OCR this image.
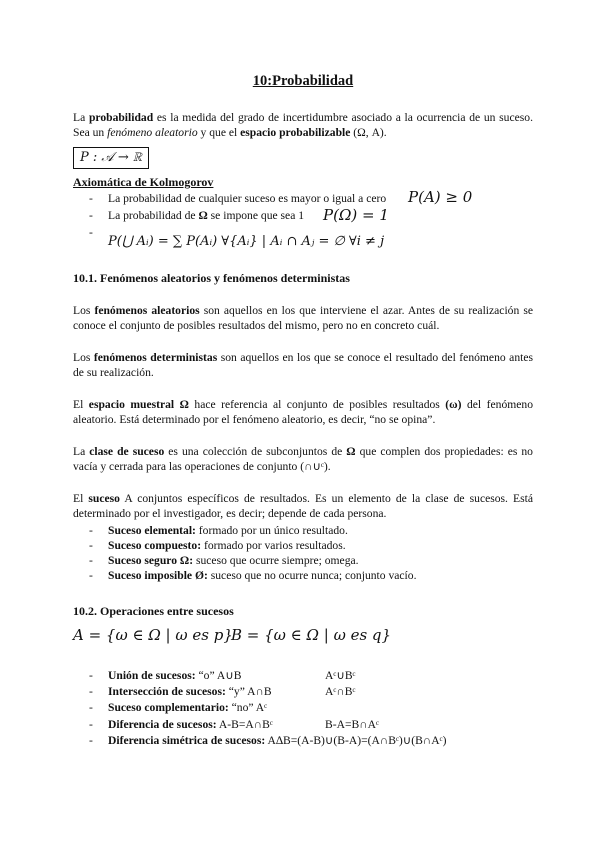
10:Probabilidad
La probabilidad es la medida del grado de incertidumbre asociado a la ocurrencia de un suceso. Sea un fenómeno aleatorio y que el espacio probabilizable (Ω, A).
P : 𝒜 → ℝ
Axiomática de Kolmogorov
- La probabilidad de cualquier suceso es mayor o igual a cero P(A) ≥ 0
- La probabilidad de Ω se impone que sea 1 P(Ω) = 1
- P(⋃ Aᵢ) = ∑ P(Aᵢ) ∀{Aᵢ} | Aᵢ ∩ Aⱼ = ∅ ∀i ≠ j
10.1. Fenómenos aleatorios y fenómenos deterministas
Los fenómenos aleatorios son aquellos en los que interviene el azar. Antes de su realización se conoce el conjunto de posibles resultados del mismo, pero no en concreto cuál.
Los fenómenos deterministas son aquellos en los que se conoce el resultado del fenómeno antes de su realización.
El espacio muestral Ω hace referencia al conjunto de posibles resultados (ω) del fenómeno aleatorio. Está determinado por el fenómeno aleatorio, es decir, “no se opina”.
La clase de suceso es una colección de subconjuntos de Ω que complen dos propiedades: es no vacía y cerrada para las operaciones de conjunto (∩∪ᶜ).
El suceso A conjuntos específicos de resultados. Es un elemento de la clase de sucesos. Está determinado por el investigador, es decir; depende de cada persona.
- Suceso elemental: formado por un único resultado.
- Suceso compuesto: formado por varios resultados.
- Suceso seguro Ω: suceso que ocurre siempre; omega.
- Suceso imposible Ø: suceso que no ocurre nunca; conjunto vacío.
10.2. Operaciones entre sucesos
A = {ω ∈ Ω | ω es p}
B = {ω ∈ Ω | ω es q}
- Unión de sucesos: “o” A∪B	Aᶜ∪Bᶜ
- Intersección de sucesos: “y” A∩B	Aᶜ∩Bᶜ
- Suceso complementario: “no” Aᶜ
- Diferencia de sucesos: A-B=A∩Bᶜ	B-A=B∩Aᶜ
- Diferencia simétrica de sucesos: A∆B=(A-B)∪(B-A)=(A∩Bᶜ)∪(B∩Aᶜ)
